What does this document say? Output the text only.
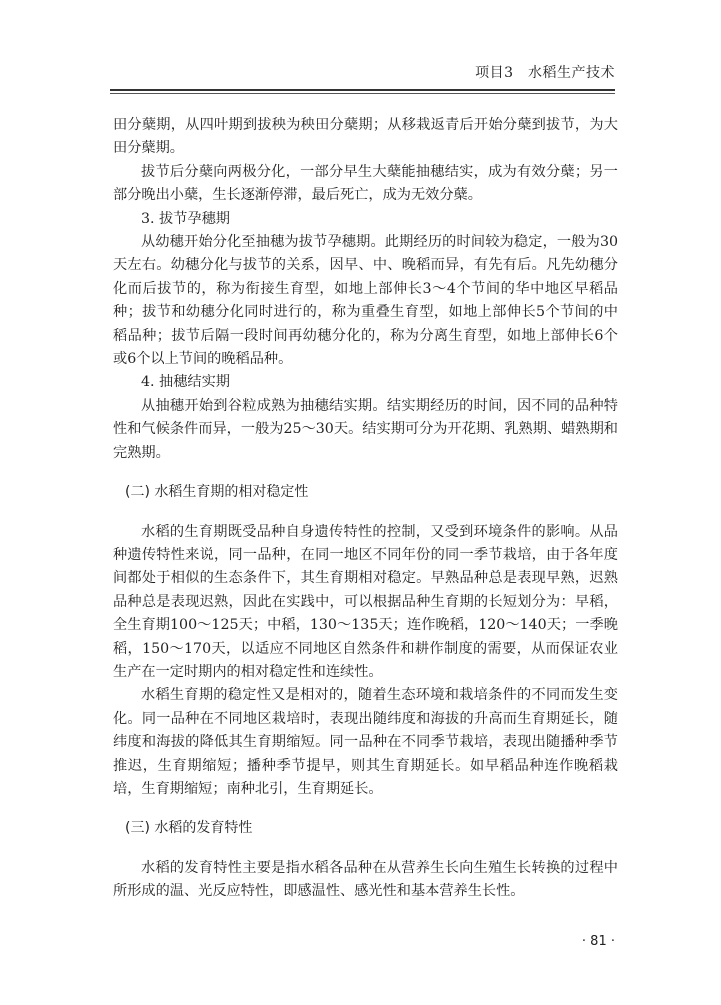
项目3　水稻生产技术

田分蘖期，从四叶期到拔秧为秧田分蘖期；从移栽返青后开始分蘖到拔节，为大田分蘖期。

拔节后分蘖向两极分化，一部分早生大蘖能抽穗结实，成为有效分蘖；另一部分晚出小蘖，生长逐渐停滞，最后死亡，成为无效分蘖。

3. 拔节孕穗期

从幼穗开始分化至抽穗为拔节孕穗期。此期经历的时间较为稳定，一般为30天左右。幼穗分化与拔节的关系，因早、中、晚稻而异，有先有后。凡先幼穗分化而后拔节的，称为衔接生育型，如地上部伸长3～4个节间的华中地区早稻品种；拔节和幼穗分化同时进行的，称为重叠生育型，如地上部伸长5个节间的中稻品种；拔节后隔一段时间再幼穗分化的，称为分离生育型，如地上部伸长6个或6个以上节间的晚稻品种。

4. 抽穗结实期

从抽穗开始到谷粒成熟为抽穗结实期。结实期经历的时间，因不同的品种特性和气候条件而异，一般为25～30天。结实期可分为开花期、乳熟期、蜡熟期和完熟期。

(二) 水稻生育期的相对稳定性

水稻的生育期既受品种自身遗传特性的控制，又受到环境条件的影响。从品种遗传特性来说，同一品种，在同一地区不同年份的同一季节栽培，由于各年度间都处于相似的生态条件下，其生育期相对稳定。早熟品种总是表现早熟，迟熟品种总是表现迟熟，因此在实践中，可以根据品种生育期的长短划分为：早稻，全生育期100～125天；中稻，130～135天；连作晚稻，120～140天；一季晚稻，150～170天，以适应不同地区自然条件和耕作制度的需要，从而保证农业生产在一定时期内的相对稳定性和连续性。

水稻生育期的稳定性又是相对的，随着生态环境和栽培条件的不同而发生变化。同一品种在不同地区栽培时，表现出随纬度和海拔的升高而生育期延长，随纬度和海拔的降低其生育期缩短。同一品种在不同季节栽培，表现出随播种季节推迟，生育期缩短；播种季节提早，则其生育期延长。如早稻品种连作晚稻栽培，生育期缩短；南种北引，生育期延长。

(三) 水稻的发育特性

水稻的发育特性主要是指水稻各品种在从营养生长向生殖生长转换的过程中所形成的温、光反应特性，即感温性、感光性和基本营养生长性。

· 81 ·
